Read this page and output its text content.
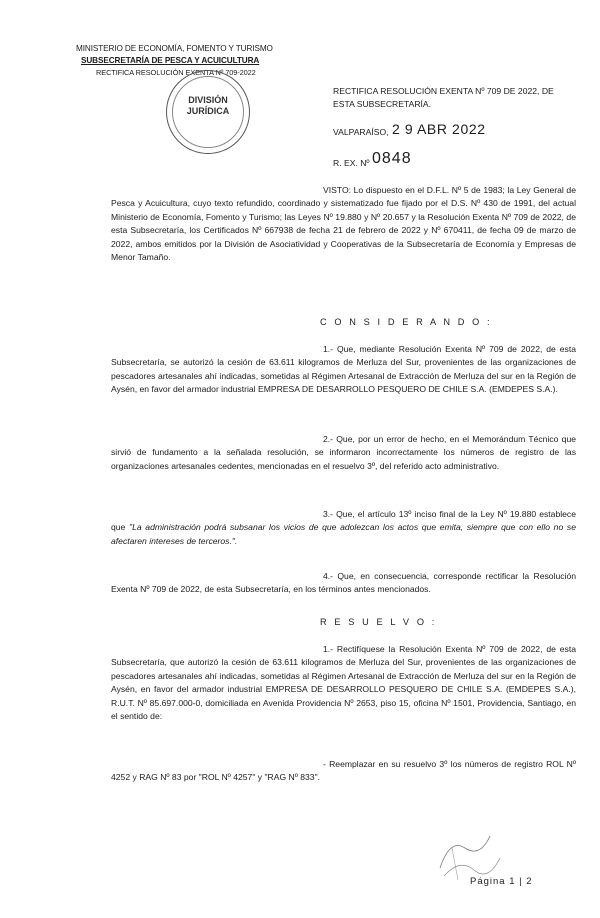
MINISTERIO DE ECONOMÍA, FOMENTO Y TURISMO
SUBSECRETARÍA DE PESCA Y ACUICULTURA
RECTIFICA RESOLUCIÓN EXENTA Nº 709-2022
DIVISIÓN
JURÍDICA
RECTIFICA RESOLUCIÓN EXENTA Nº 709 DE 2022, DE
ESTA SUBSECRETARÍA.
VALPARAÍSO, 2 9 ABR 2022
R. EX. Nº 0848
VISTO: Lo dispuesto en el D.F.L. Nº 5 de 1983; la Ley General de Pesca y Acuicultura, cuyo texto refundido, coordinado y sistematizado fue fijado por el D.S. Nº 430 de 1991, del actual Ministerio de Economía, Fomento y Turismo; las Leyes Nº 19.880 y Nº 20.657 y la Resolución Exenta Nº 709 de 2022, de esta Subsecretaría, los Certificados Nº 667938 de fecha 21 de febrero de 2022 y Nº 670411, de fecha 09 de marzo de 2022, ambos emitidos por la División de Asociatividad y Cooperativas de la Subsecretaría de Economía y Empresas de Menor Tamaño.
C O N S I D E R A N D O :
1.- Que, mediante Resolución Exenta Nº 709 de 2022, de esta Subsecretaría, se autorizó la cesión de 63.611 kilogramos de Merluza del Sur, provenientes de las organizaciones de pescadores artesanales ahí indicadas, sometidas al Régimen Artesanal de Extracción de Merluza del sur en la Región de Aysén, en favor del armador industrial EMPRESA DE DESARROLLO PESQUERO DE CHILE S.A. (EMDEPES S.A.).
2.- Que, por un error de hecho, en el Memorándum Técnico que sirvió de fundamento a la señalada resolución, se informaron incorrectamente los números de registro de las organizaciones artesanales cedentes, mencionadas en el resuelvo 3º, del referido acto administrativo.
3.- Que, el artículo 13º inciso final de la Ley Nº 19.880 establece que "La administración podrá subsanar los vicios de que adolezcan los actos que emita, siempre que con ello no se afectaren intereses de terceros.".
4.- Que, en consecuencia, corresponde rectificar la Resolución Exenta Nº 709 de 2022, de esta Subsecretaría, en los términos antes mencionados.
R E S U E L V O :
1.- Rectifíquese la Resolución Exenta Nº 709 de 2022, de esta Subsecretaría, que autorizó la cesión de 63.611 kilogramos de Merluza del Sur, provenientes de las organizaciones de pescadores artesanales ahí indicadas, sometidas al Régimen Artesanal de Extracción de Merluza del sur en la Región de Aysén, en favor del armador industrial EMPRESA DE DESARROLLO PESQUERO DE CHILE S.A. (EMDEPES S.A.), R.U.T. Nº 85.697.000-0, domiciliada en Avenida Providencia Nº 2653, piso 15, oficina Nº 1501, Providencia, Santiago, en el sentido de:
- Reemplazar en su resuelvo 3º los números de registro ROL Nº 4252 y RAG Nº 83 por "ROL Nº 4257" y "RAG Nº 833".
Página 1 | 2
